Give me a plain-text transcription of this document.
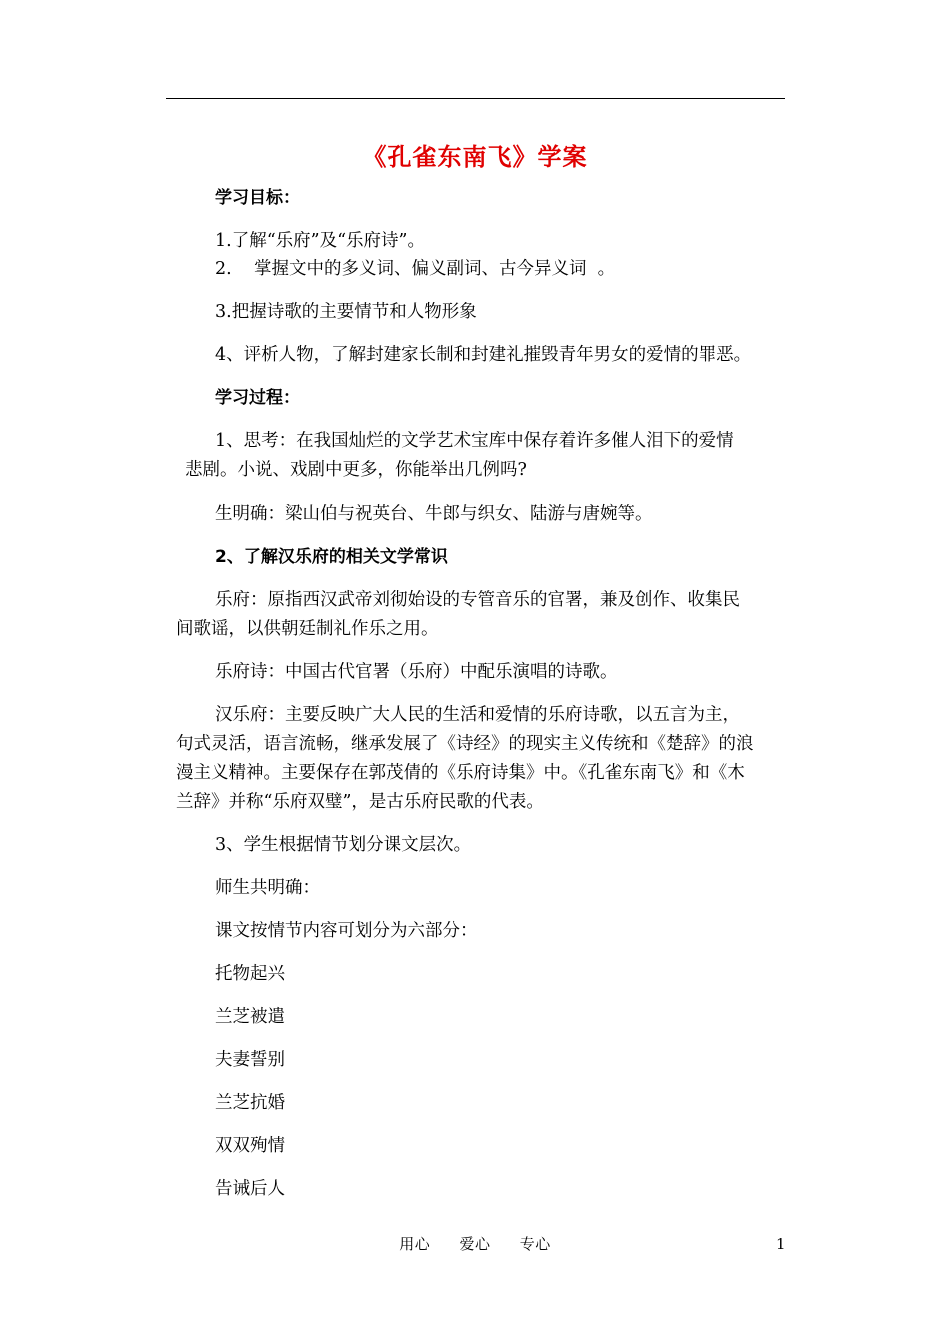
《孔雀东南飞》学案
学习目标：
1.了解“乐府”及“乐府诗”。
2.    掌握文中的多义词、偏义副词、古今异义词  。
3.把握诗歌的主要情节和人物形象
4、评析人物，了解封建家长制和封建礼摧毁青年男女的爱情的罪恶。
学习过程：
1、思考：在我国灿烂的文学艺术宝库中保存着许多催人泪下的爱情
悲剧。小说、戏剧中更多，你能举出几例吗?
生明确：梁山伯与祝英台、牛郎与织女、陆游与唐婉等。
2、了解汉乐府的相关文学常识
乐府：原指西汉武帝刘彻始设的专管音乐的官署，兼及创作、收集民
间歌谣，以供朝廷制礼作乐之用。
乐府诗：中国古代官署（乐府）中配乐演唱的诗歌。
汉乐府：主要反映广大人民的生活和爱情的乐府诗歌，以五言为主，
句式灵活，语言流畅，继承发展了《诗经》的现实主义传统和《楚辞》的浪
漫主义精神。主要保存在郭茂倩的《乐府诗集》中。《孔雀东南飞》和《木
兰辞》并称“乐府双璧”，是古乐府民歌的代表。
3、学生根据情节划分课文层次。
师生共明确：
课文按情节内容可划分为六部分：
托物起兴
兰芝被遣
夫妻誓别
兰芝抗婚
双双殉情
告诫后人
用心 爱心 专心	1
